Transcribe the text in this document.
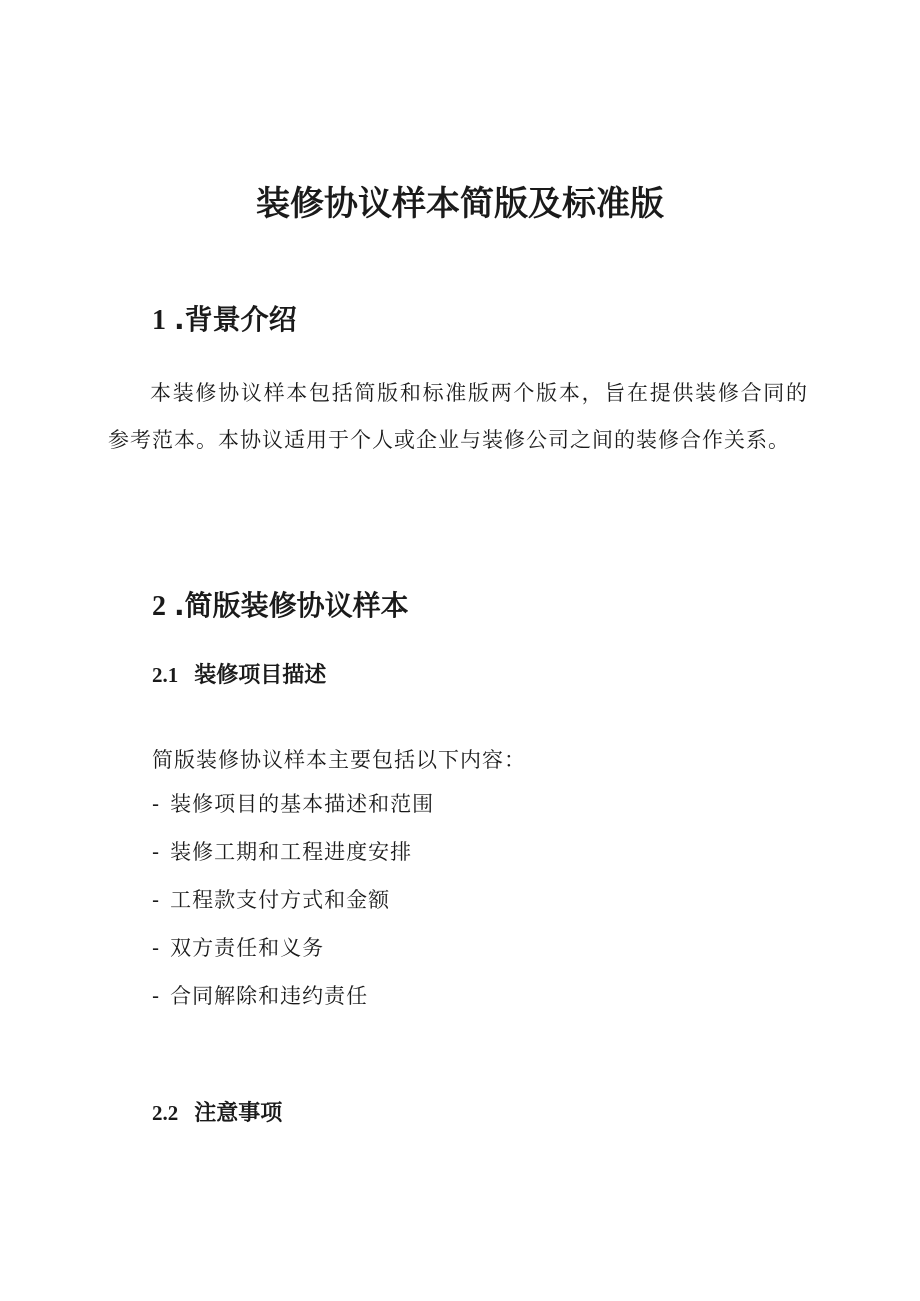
装修协议样本简版及标准版
1 .背景介绍
本装修协议样本包括简版和标准版两个版本，旨在提供装修合同的参考范本。本协议适用于个人或企业与装修公司之间的装修合作关系。
2 .简版装修协议样本
2.1 装修项目描述
简版装修协议样本主要包括以下内容：
- 装修项目的基本描述和范围
- 装修工期和工程进度安排
- 工程款支付方式和金额
- 双方责任和义务
- 合同解除和违约责任
2.2 注意事项
